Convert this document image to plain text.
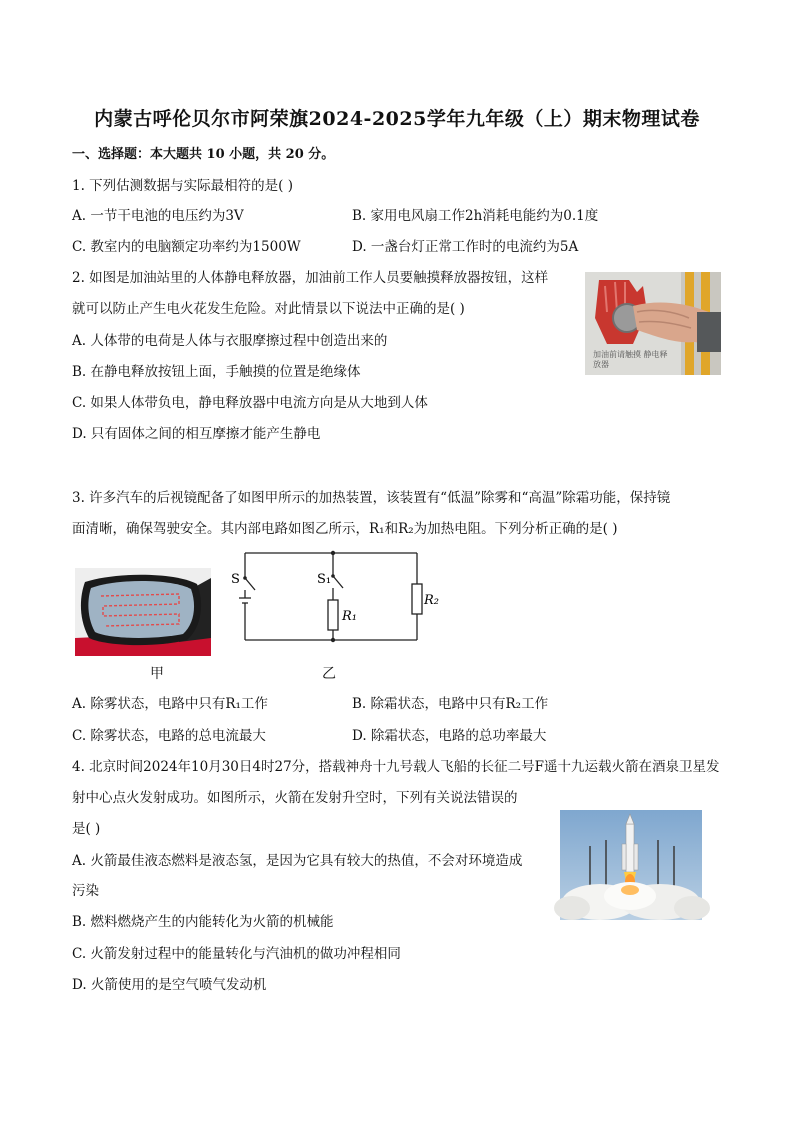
内蒙古呼伦贝尔市阿荣旗2024-2025学年九年级（上）期末物理试卷
一、选择题：本大题共 10 小题，共 20 分。
1. 下列估测数据与实际最相符的是( )
A. 一节干电池的电压约为3V	B. 家用电风扇工作2h消耗电能约为0.1度
C. 教室内的电脑额定功率约为1500W	D. 一盏台灯正常工作时的电流约为5A
2. 如图是加油站里的人体静电释放器，加油前工作人员要触摸释放器按钮，这样
就可以防止产生电火花发生危险。对此情景以下说法中正确的是( )
A. 人体带的电荷是人体与衣服摩擦过程中创造出来的
B. 在静电释放按钮上面，手触摸的位置是绝缘体
C. 如果人体带负电，静电释放器中电流方向是从大地到人体
D. 只有固体之间的相互摩擦才能产生静电
加油前请触摸 静电释放器
3. 许多汽车的后视镜配备了如图甲所示的加热装置，该装置有“低温”除雾和“高温”除霜功能，保持镜
面清晰，确保驾驶安全。其内部电路如图乙所示，R₁和R₂为加热电阻。下列分析正确的是( )
甲
S	S₁
R₁
R₂
乙
A. 除雾状态，电路中只有R₁工作	B. 除霜状态，电路中只有R₂工作
C. 除雾状态，电路的总电流最大	D. 除霜状态，电路的总功率最大
4. 北京时间2024年10月30日4时27分，搭载神舟十九号载人飞船的长征二号F遥十九运载火箭在酒泉卫星发
射中心点火发射成功。如图所示，火箭在发射升空时，下列有关说法错误的
是( )
A. 火箭最佳液态燃料是液态氢，是因为它具有较大的热值，不会对环境造成
污染
B. 燃料燃烧产生的内能转化为火箭的机械能
C. 火箭发射过程中的能量转化与汽油机的做功冲程相同
D. 火箭使用的是空气喷气发动机
